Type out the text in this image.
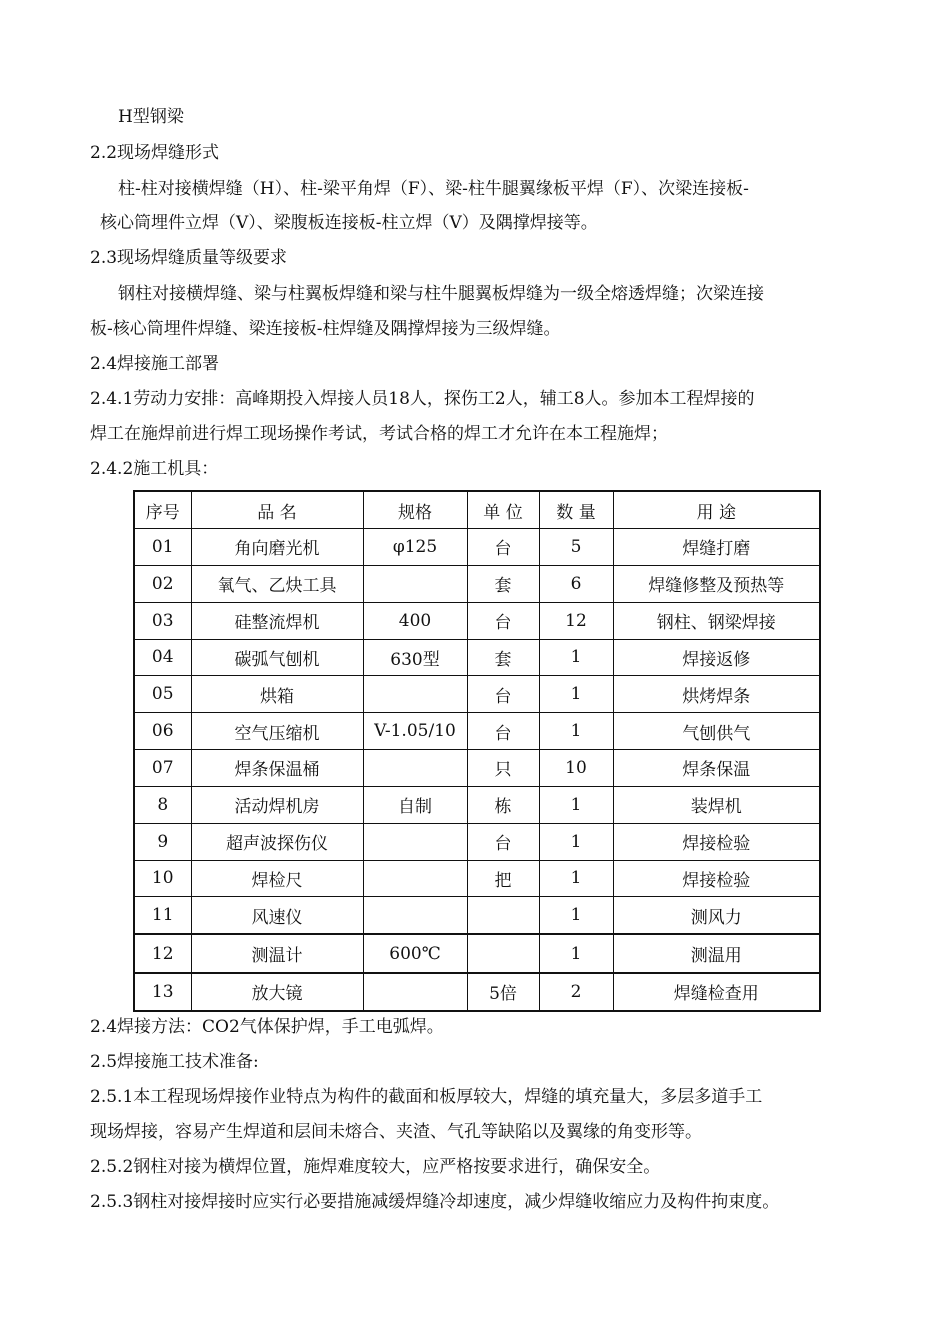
H型钢梁
2.2现场焊缝形式
柱-柱对接横焊缝（H）、柱-梁平角焊（F）、梁-柱牛腿翼缘板平焊（F）、次梁连接板-
核心筒埋件立焊（V）、梁腹板连接板-柱立焊（V）及隅撑焊接等。
2.3现场焊缝质量等级要求
钢柱对接横焊缝、梁与柱翼板焊缝和梁与柱牛腿翼板焊缝为一级全熔透焊缝；次梁连接
板-核心筒埋件焊缝、梁连接板-柱焊缝及隅撑焊接为三级焊缝。
2.4焊接施工部署
2.4.1劳动力安排：高峰期投入焊接人员18人，探伤工2人，辅工8人。参加本工程焊接的
焊工在施焊前进行焊工现场操作考试，考试合格的焊工才允许在本工程施焊；
2.4.2施工机具：
序号	品 名	规格	单 位	数 量	用 途
01	角向磨光机	φ125	台	5	焊缝打磨
02	氧气、乙炔工具		套	6	焊缝修整及预热等
03	硅整流焊机	400	台	12	钢柱、钢梁焊接
04	碳弧气刨机	630型	套	1	焊接返修
05	烘箱		台	1	烘烤焊条
06	空气压缩机	V-1.05/10	台	1	气刨供气
07	焊条保温桶		只	10	焊条保温
8	活动焊机房	自制	栋	1	装焊机
9	超声波探伤仪		台	1	焊接检验
10	焊检尺		把	1	焊接检验
11	风速仪			1	测风力
12	测温计	600℃		1	测温用
13	放大镜		5倍	2	焊缝检查用
2.4焊接方法：CO2气体保护焊，手工电弧焊。
2.5焊接施工技术准备:
2.5.1本工程现场焊接作业特点为构件的截面和板厚较大，焊缝的填充量大，多层多道手工
现场焊接，容易产生焊道和层间未熔合、夹渣、气孔等缺陷以及翼缘的角变形等。
2.5.2钢柱对接为横焊位置，施焊难度较大，应严格按要求进行，确保安全。
2.5.3钢柱对接焊接时应实行必要措施减缓焊缝冷却速度，减少焊缝收缩应力及构件拘束度。
